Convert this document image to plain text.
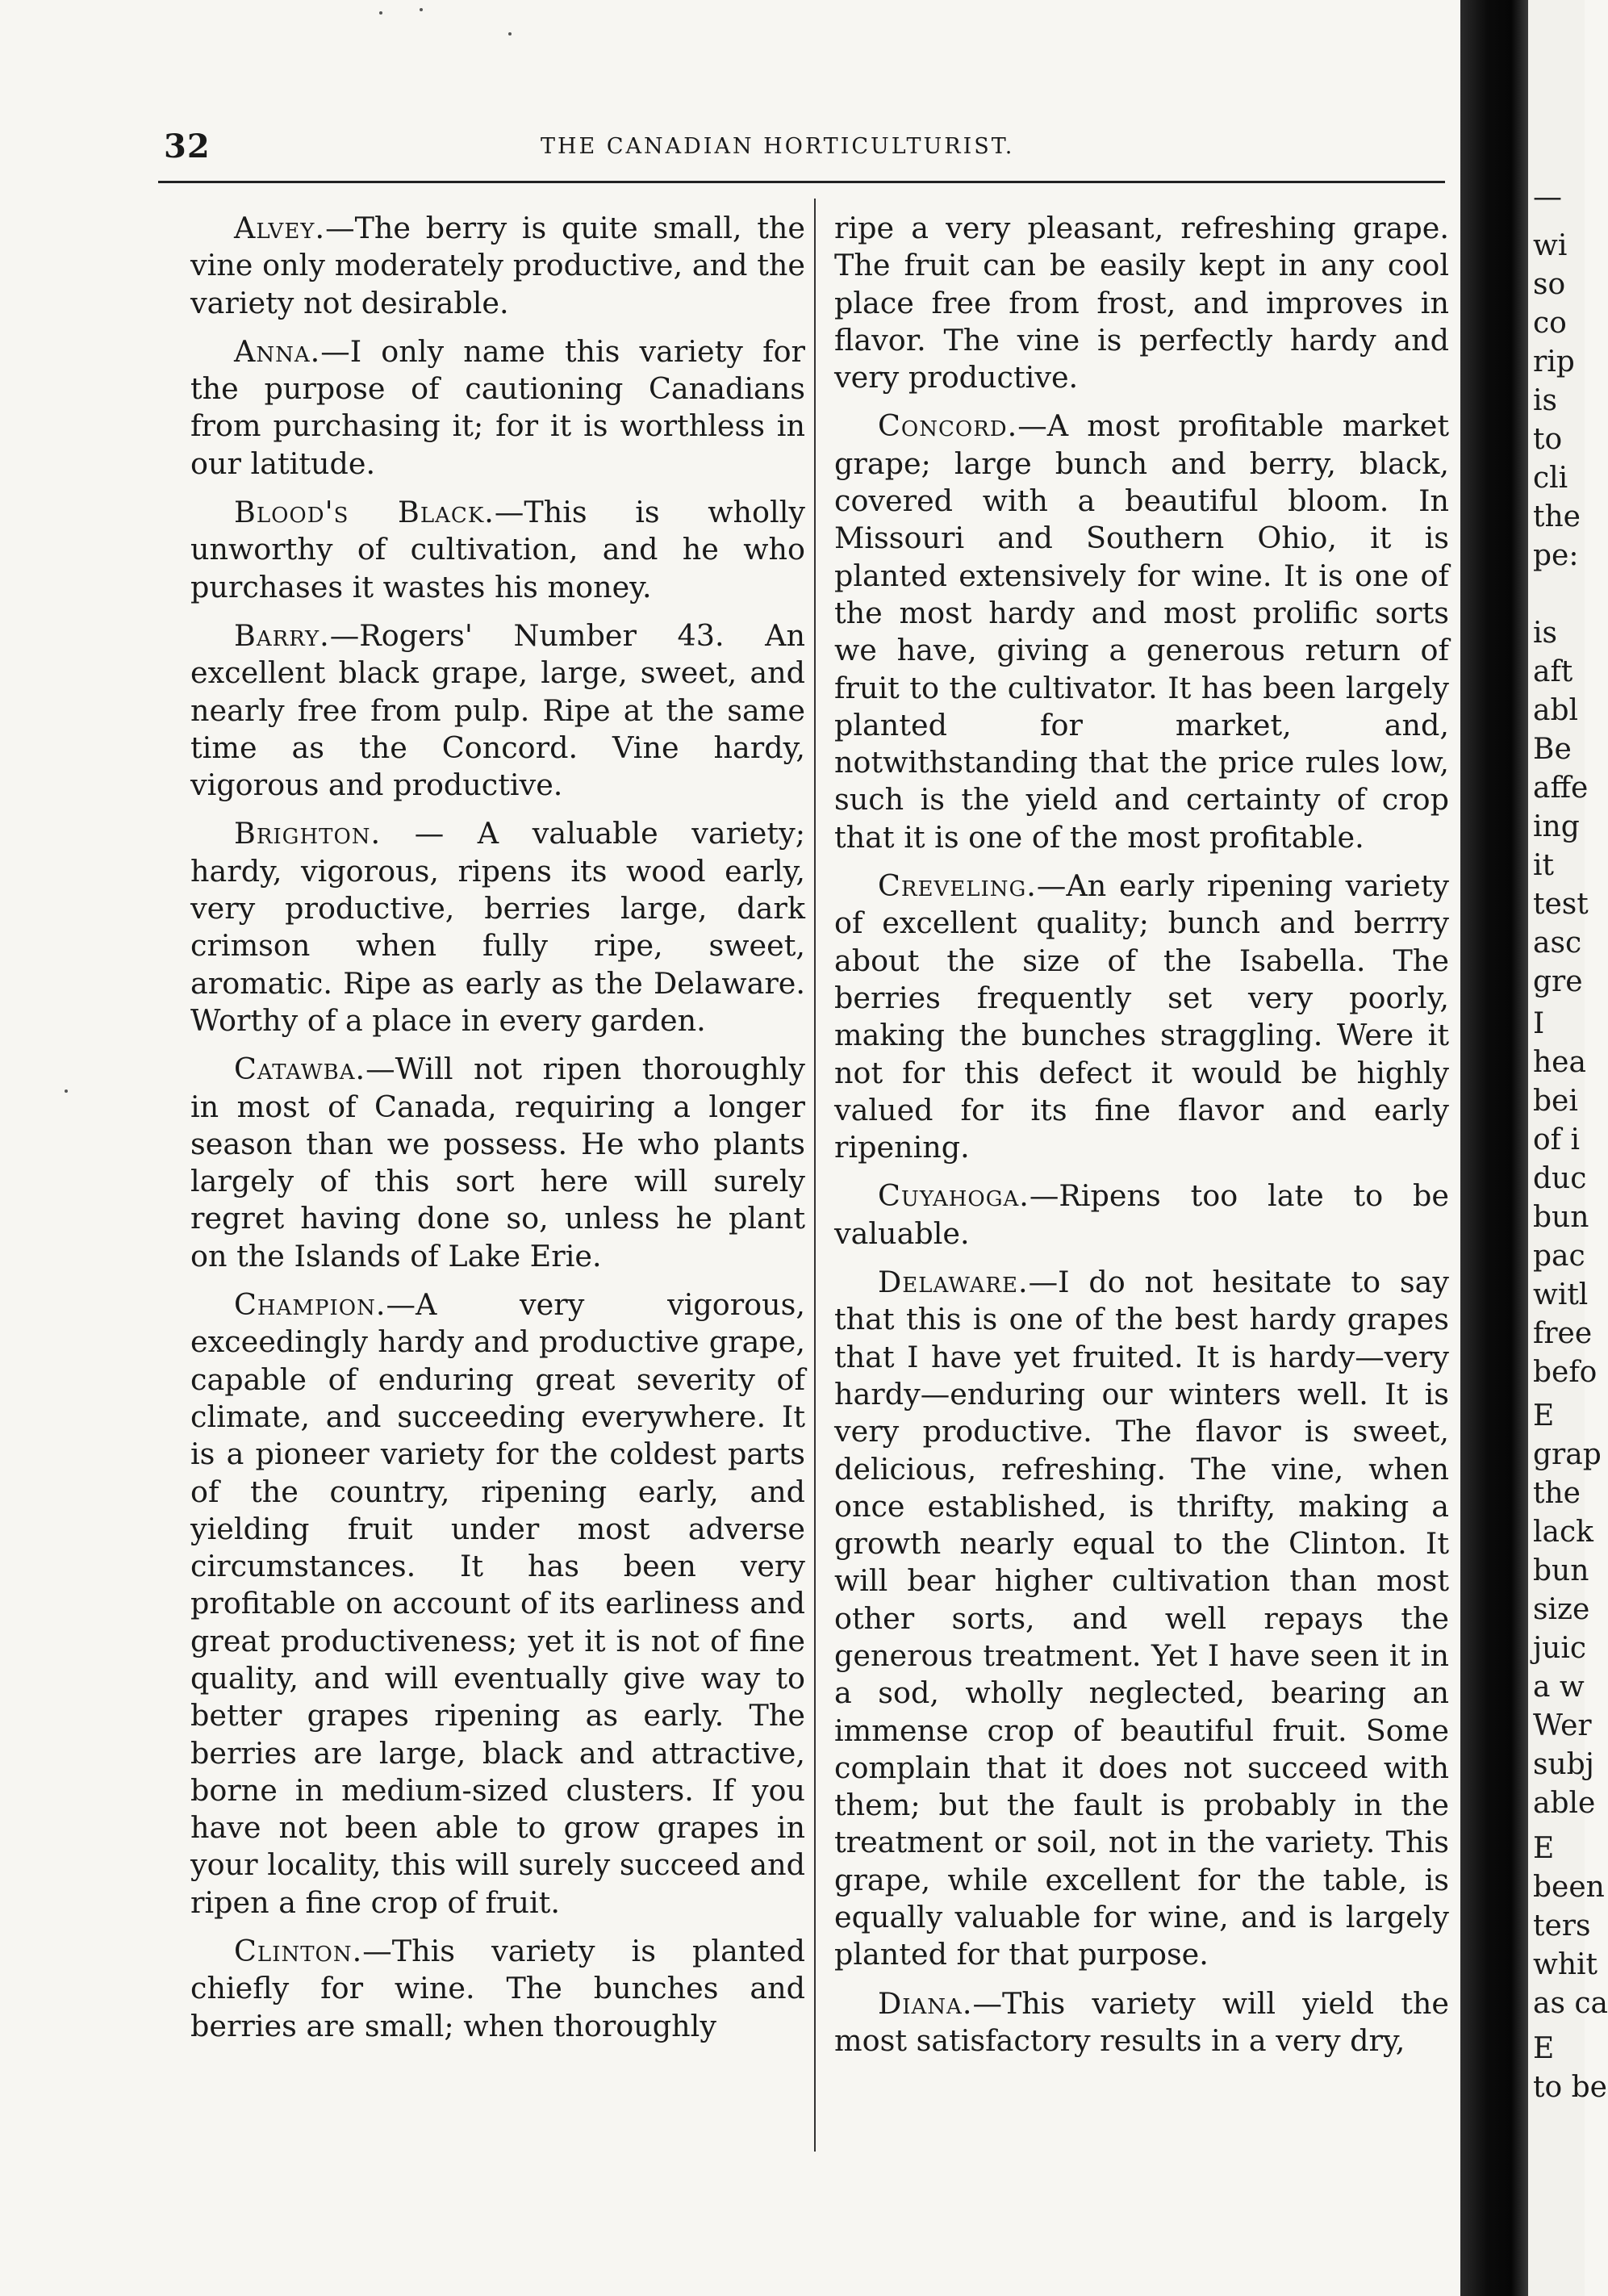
32	THE CANADIAN HORTICULTURIST.

Alvey.—The berry is quite small, the vine only moderately productive, and the variety not desirable.

Anna.—I only name this variety for the purpose of cautioning Canadians from purchasing it; for it is worthless in our latitude.

Blood's Black.—This is wholly unworthy of cultivation, and he who purchases it wastes his money.

Barry.—Rogers' Number 43. An excellent black grape, large, sweet, and nearly free from pulp. Ripe at the same time as the Concord. Vine hardy, vigorous and productive.

Brighton. — A valuable variety; hardy, vigorous, ripens its wood early, very productive, berries large, dark crimson when fully ripe, sweet, aromatic. Ripe as early as the Delaware. Worthy of a place in every garden.

Catawba.—Will not ripen thoroughly in most of Canada, requiring a longer season than we possess. He who plants largely of this sort here will surely regret having done so, unless he plant on the Islands of Lake Erie.

Champion.—A very vigorous, exceedingly hardy and productive grape, capable of enduring great severity of climate, and succeeding everywhere. It is a pioneer variety for the coldest parts of the country, ripening early, and yielding fruit under most adverse circumstances. It has been very profitable on account of its earliness and great productiveness; yet it is not of fine quality, and will eventually give way to better grapes ripening as early. The berries are large, black and attractive, borne in medium-sized clusters. If you have not been able to grow grapes in your locality, this will surely succeed and ripen a fine crop of fruit.

Clinton.—This variety is planted chiefly for wine. The bunches and berries are small; when thoroughly

ripe a very pleasant, refreshing grape. The fruit can be easily kept in any cool place free from frost, and improves in flavor. The vine is perfectly hardy and very productive.

Concord.—A most profitable market grape; large bunch and berry, black, covered with a beautiful bloom. In Missouri and Southern Ohio, it is planted extensively for wine. It is one of the most hardy and most prolific sorts we have, giving a generous return of fruit to the cultivator. It has been largely planted for market, and, notwithstanding that the price rules low, such is the yield and certainty of crop that it is one of the most profitable.

Creveling.—An early ripening variety of excellent quality; bunch and berrry about the size of the Isabella. The berries frequently set very poorly, making the bunches straggling. Were it not for this defect it would be highly valued for its fine flavor and early ripening.

Cuyahoga.—Ripens too late to be valuable.

Delaware.—I do not hesitate to say that this is one of the best hardy grapes that I have yet fruited. It is hardy—very hardy—enduring our winters well. It is very productive. The flavor is sweet, delicious, refreshing. The vine, when once established, is thrifty, making a growth nearly equal to the Clinton. It will bear higher cultivation than most other sorts, and well repays the generous treatment. Yet I have seen it in a sod, wholly neglected, bearing an immense crop of beautiful fruit. Some complain that it does not succeed with them; but the fault is probably in the treatment or soil, not in the variety. This grape, while excellent for the table, is equally valuable for wine, and is largely planted for that purpose.

Diana.—This variety will yield the most satisfactory results in a very dry,

—
wi
so
co
rip
is
to
cli
the
pe:
is
aft
abl
Be
affe
ing
it
test
asc
gre
I
hea
bei
of i
duc
bun
pac
witl
free
befo
E
grap
the
lack
bun
size
juic
a w
Wer
subj
able
E
been
ters
whit
as ca
E
to be
